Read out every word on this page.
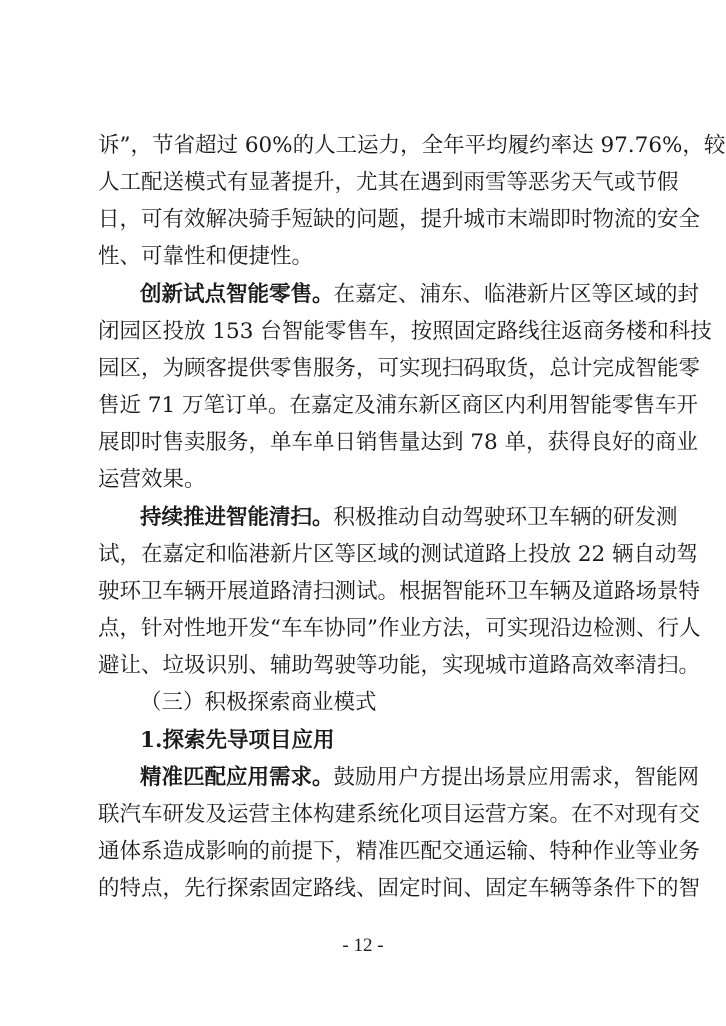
诉”，节省超过 60%的人工运力，全年平均履约率达 97.76%，较
人工配送模式有显著提升，尤其在遇到雨雪等恶劣天气或节假
日，可有效解决骑手短缺的问题，提升城市末端即时物流的安全
性、可靠性和便捷性。
创新试点智能零售。在嘉定、浦东、临港新片区等区域的封
闭园区投放 153 台智能零售车，按照固定路线往返商务楼和科技
园区，为顾客提供零售服务，可实现扫码取货，总计完成智能零
售近 71 万笔订单。在嘉定及浦东新区商区内利用智能零售车开
展即时售卖服务，单车单日销售量达到 78 单，获得良好的商业
运营效果。
持续推进智能清扫。积极推动自动驾驶环卫车辆的研发测
试，在嘉定和临港新片区等区域的测试道路上投放 22 辆自动驾
驶环卫车辆开展道路清扫测试。根据智能环卫车辆及道路场景特
点，针对性地开发“车车协同”作业方法，可实现沿边检测、行人
避让、垃圾识别、辅助驾驶等功能，实现城市道路高效率清扫。
（三）积极探索商业模式
1.探索先导项目应用
精准匹配应用需求。鼓励用户方提出场景应用需求，智能网
联汽车研发及运营主体构建系统化项目运营方案。在不对现有交
通体系造成影响的前提下，精准匹配交通运输、特种作业等业务
的特点，先行探索固定路线、固定时间、固定车辆等条件下的智
- 12 -
